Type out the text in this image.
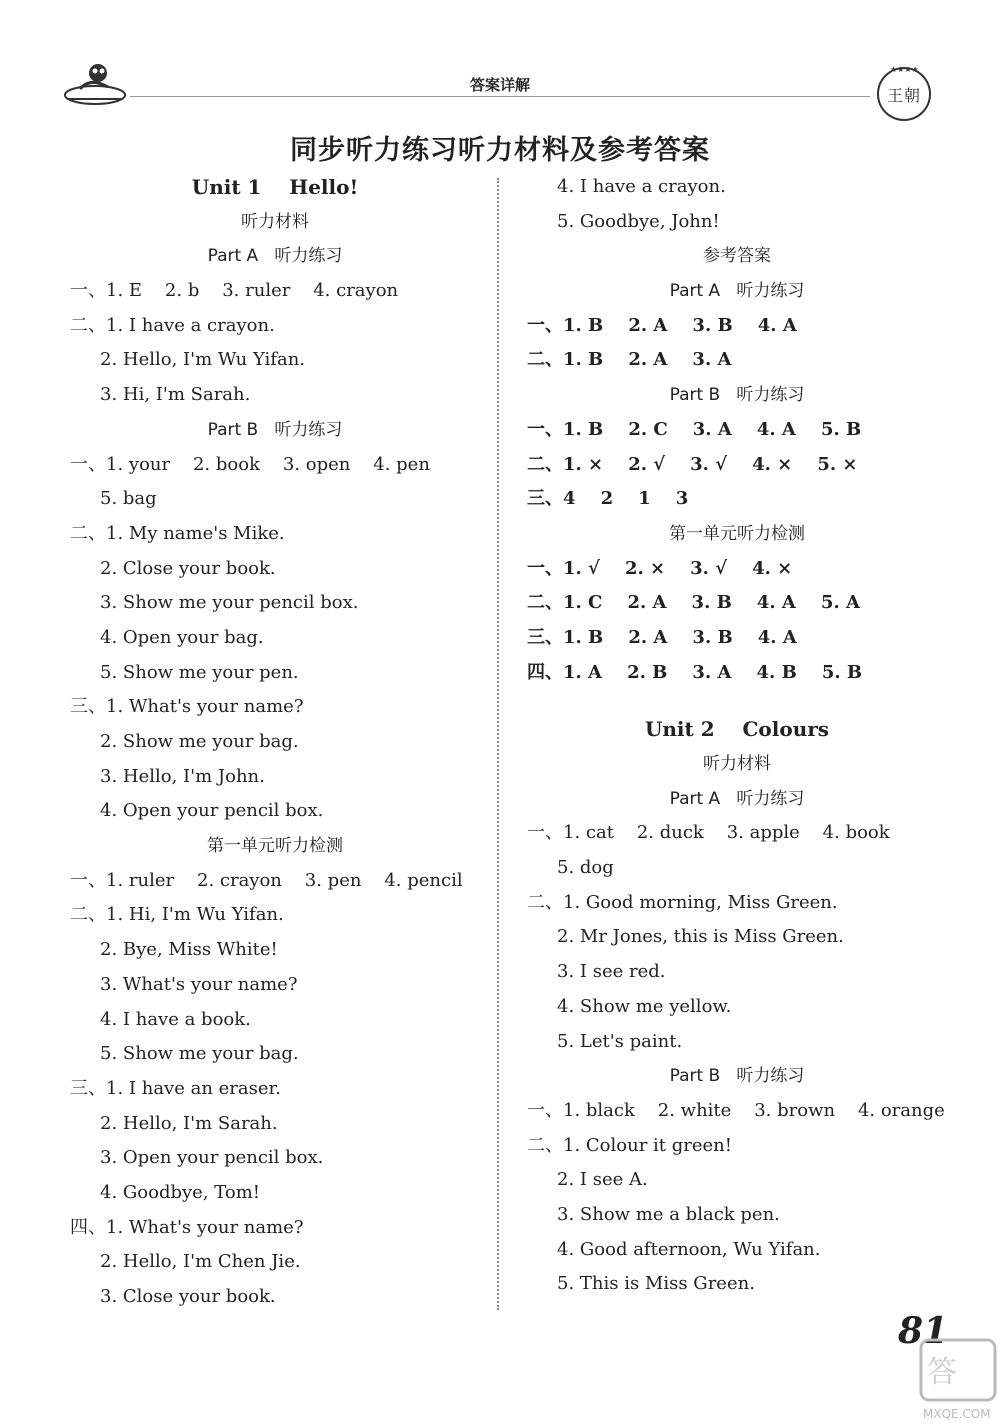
答案详解
★★★★
王 朝
同步听力练习听力材料及参考答案
Unit 1    Hello!
听力材料
Part A   听力练习
一、1. E    2. b    3. ruler    4. crayon
二、1. I have a crayon.
2. Hello, I'm Wu Yifan.
3. Hi, I'm Sarah.
Part B   听力练习
一、1. your    2. book    3. open    4. pen
5. bag
二、1. My name's Mike.
2. Close your book.
3. Show me your pencil box.
4. Open your bag.
5. Show me your pen.
三、1. What's your name?
2. Show me your bag.
3. Hello, I'm John.
4. Open your pencil box.
第一单元听力检测
一、1. ruler    2. crayon    3. pen    4. pencil
二、1. Hi, I'm Wu Yifan.
2. Bye, Miss White!
3. What's your name?
4. I have a book.
5. Show me your bag.
三、1. I have an eraser.
2. Hello, I'm Sarah.
3. Open your pencil box.
4. Goodbye, Tom!
四、1. What's your name?
2. Hello, I'm Chen Jie.
3. Close your book.
4. I have a crayon.
5. Goodbye, John!
参考答案
Part A   听力练习
一、1. B    2. A    3. B    4. A
二、1. B    2. A    3. A
Part B   听力练习
一、1. B    2. C    3. A    4. A    5. B
二、1. ×    2. √    3. √    4. ×    5. ×
三、4    2    1    3
第一单元听力检测
一、1. √    2. ×    3. √    4. ×
二、1. C    2. A    3. B    4. A    5. A
三、1. B    2. A    3. B    4. A
四、1. A    2. B    3. A    4. B    5. B
Unit 2    Colours
听力材料
Part A   听力练习
一、1. cat    2. duck    3. apple    4. book
5. dog
二、1. Good morning, Miss Green.
2. Mr Jones, this is Miss Green.
3. I see red.
4. Show me yellow.
5. Let's paint.
Part B   听力练习
一、1. black    2. white    3. brown    4. orange
二、1. Colour it green!
2. I see A.
3. Show me a black pen.
4. Good afternoon, Wu Yifan.
5. This is Miss Green.
81
答
MXQE.COM
